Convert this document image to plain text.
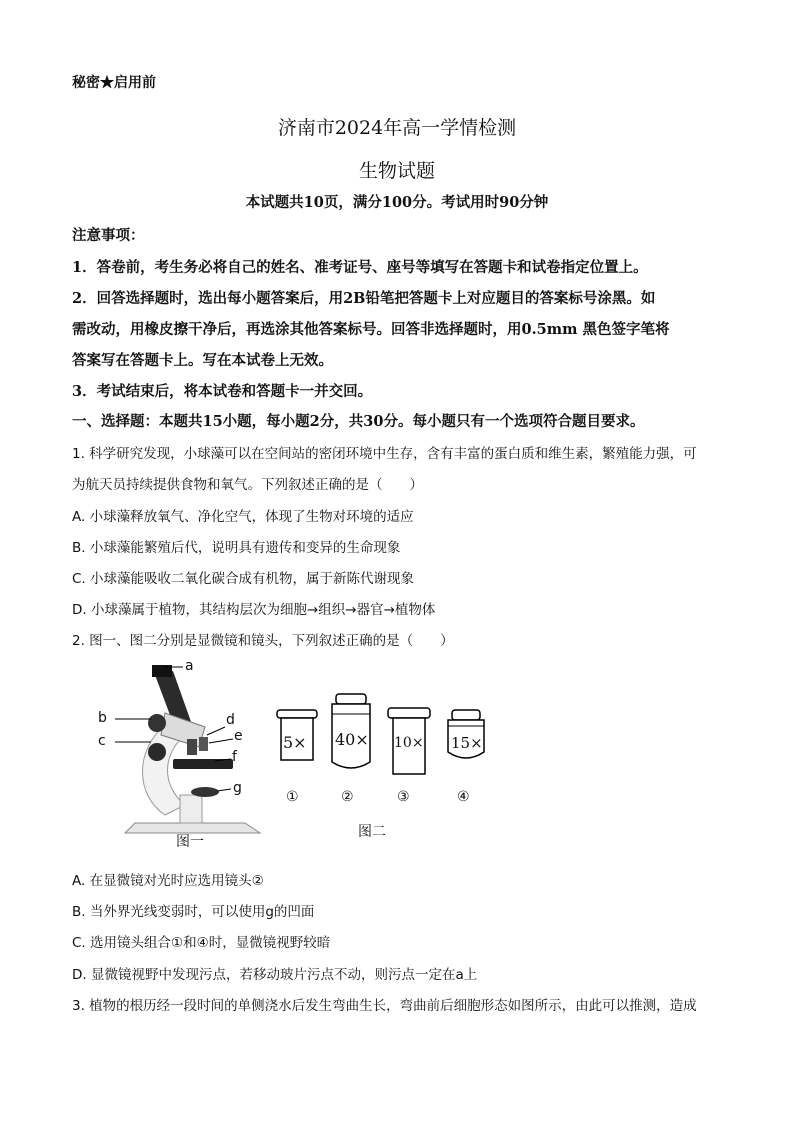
秘密★启用前
济南市2024年高一学情检测
生物试题
本试题共10页，满分100分。考试用时90分钟
注意事项：
1．答卷前，考生务必将自己的姓名、准考证号、座号等填写在答题卡和试卷指定位置上。
2．回答选择题时，选出每小题答案后，用2B铅笔把答题卡上对应题目的答案标号涂黑。如
需改动，用橡皮擦干净后，再选涂其他答案标号。回答非选择题时，用0.5mm 黑色签字笔将
答案写在答题卡上。写在本试卷上无效。
3．考试结束后，将本试卷和答题卡一并交回。
一、选择题：本题共15小题，每小题2分，共30分。每小题只有一个选项符合题目要求。
1. 科学研究发现，小球藻可以在空间站的密闭环境中生存，含有丰富的蛋白质和维生素，繁殖能力强，可
为航天员持续提供食物和氧气。下列叙述正确的是（　　）
A. 小球藻释放氧气、净化空气，体现了生物对环境的适应
B. 小球藻能繁殖后代，说明具有遗传和变异的生命现象
C. 小球藻能吸收二氧化碳合成有机物，属于新陈代谢现象
D. 小球藻属于植物，其结构层次为细胞→组织→器官→植物体
2. 图一、图二分别是显微镜和镜头，下列叙述正确的是（　　）
a
b
c
d
e
f
g
图一
5× 40× 10× 15×
①	②	③	④
图二
A. 在显微镜对光时应选用镜头②
B. 当外界光线变弱时，可以使用g的凹面
C. 选用镜头组合①和④时，显微镜视野较暗
D. 显微镜视野中发现污点，若移动玻片污点不动，则污点一定在a上
3. 植物的根历经一段时间的单侧浇水后发生弯曲生长，弯曲前后细胞形态如图所示，由此可以推测，造成
